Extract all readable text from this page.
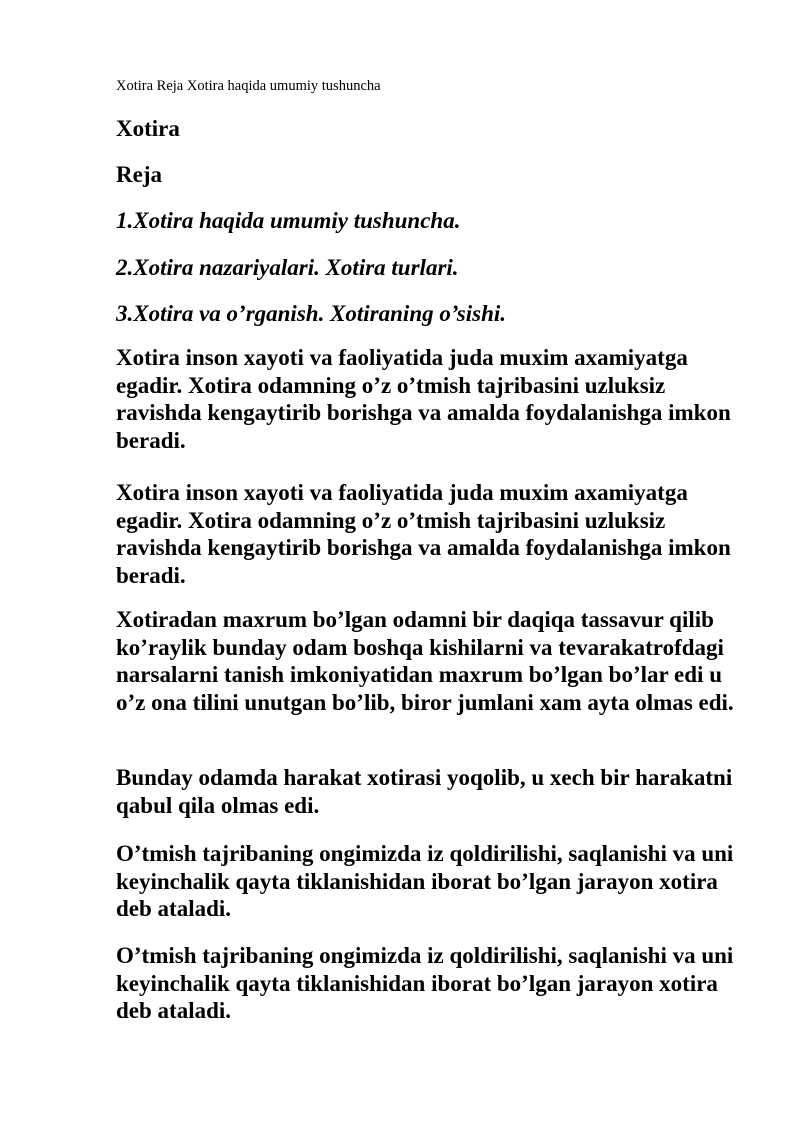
Xotira Reja Xotira haqida umumiy tushuncha
Xotira
Reja
1.Xotira haqida umumiy tushuncha.
2.Xotira nazariyalari. Xotira turlari.
3.Xotira va o’rganish. Xotiraning o’sishi.

Xotira inson xayoti va faoliyatida juda muxim axamiyatga egadir. Xotira odamning o’z o’tmish tajribasini uzluksiz ravishda kengaytirib borishga va amalda foydalanishga imkon beradi.

Xotira inson xayoti va faoliyatida juda muxim axamiyatga egadir. Xotira odamning o’z o’tmish tajribasini uzluksiz ravishda kengaytirib borishga va amalda foydalanishga imkon beradi.

Xotiradan maxrum bo’lgan odamni bir daqiqa tassavur qilib ko’raylik bunday odam boshqa kishilarni va tevarakatrofdagi narsalarni tanish imkoniyatidan maxrum bo’lgan bo’lar edi u o’z ona tilini unutgan bo’lib, biror jumlani xam ayta olmas edi.

Bunday odamda harakat xotirasi yoqolib, u xech bir harakatni qabul qila olmas edi.

O’tmish tajribaning ongimizda iz qoldirilishi, saqlanishi va uni keyinchalik qayta tiklanishidan iborat bo’lgan jarayon xotira deb ataladi.

O’tmish tajribaning ongimizda iz qoldirilishi, saqlanishi va uni keyinchalik qayta tiklanishidan iborat bo’lgan jarayon xotira deb ataladi.
